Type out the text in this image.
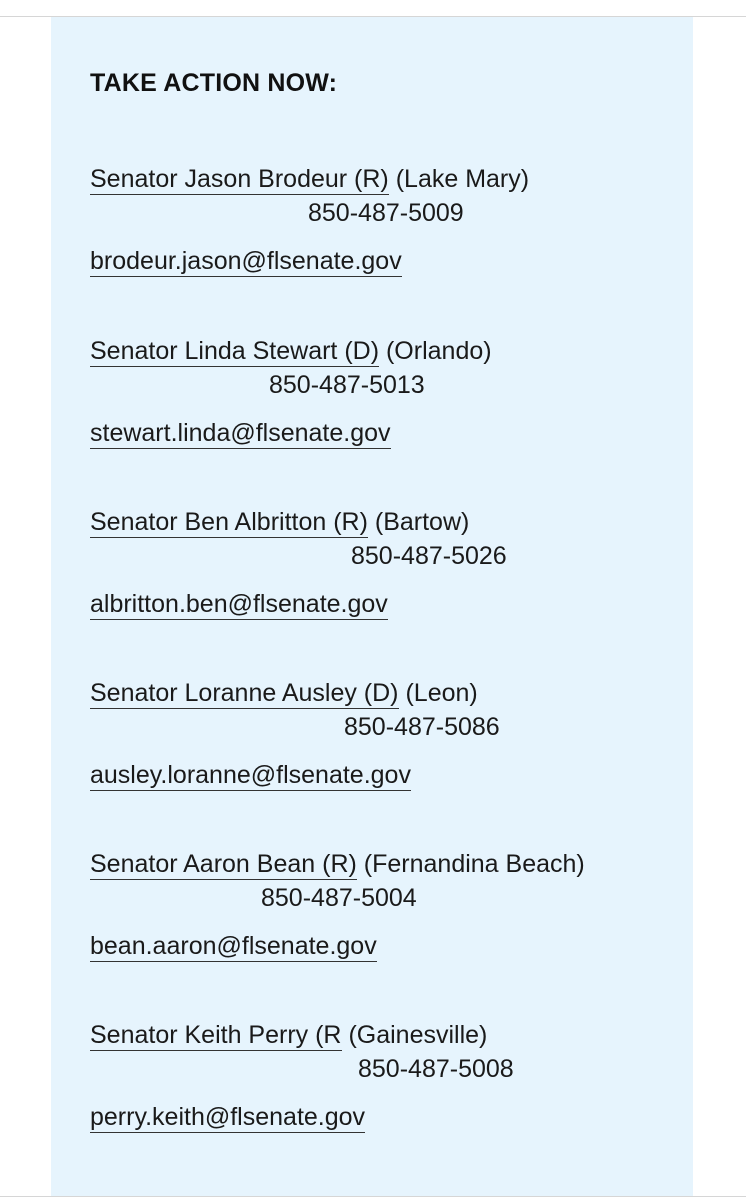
TAKE ACTION NOW:
Senator Jason Brodeur (R) (Lake Mary)
850-487-5009
brodeur.jason@flsenate.gov
Senator Linda Stewart (D) (Orlando)
850-487-5013
stewart.linda@flsenate.gov
Senator Ben Albritton (R) (Bartow)
850-487-5026
albritton.ben@flsenate.gov
Senator Loranne Ausley (D) (Leon)
850-487-5086
ausley.loranne@flsenate.gov
Senator Aaron Bean (R) (Fernandina Beach)
850-487-5004
bean.aaron@flsenate.gov
Senator Keith Perry (R (Gainesville)
850-487-5008
perry.keith@flsenate.gov
